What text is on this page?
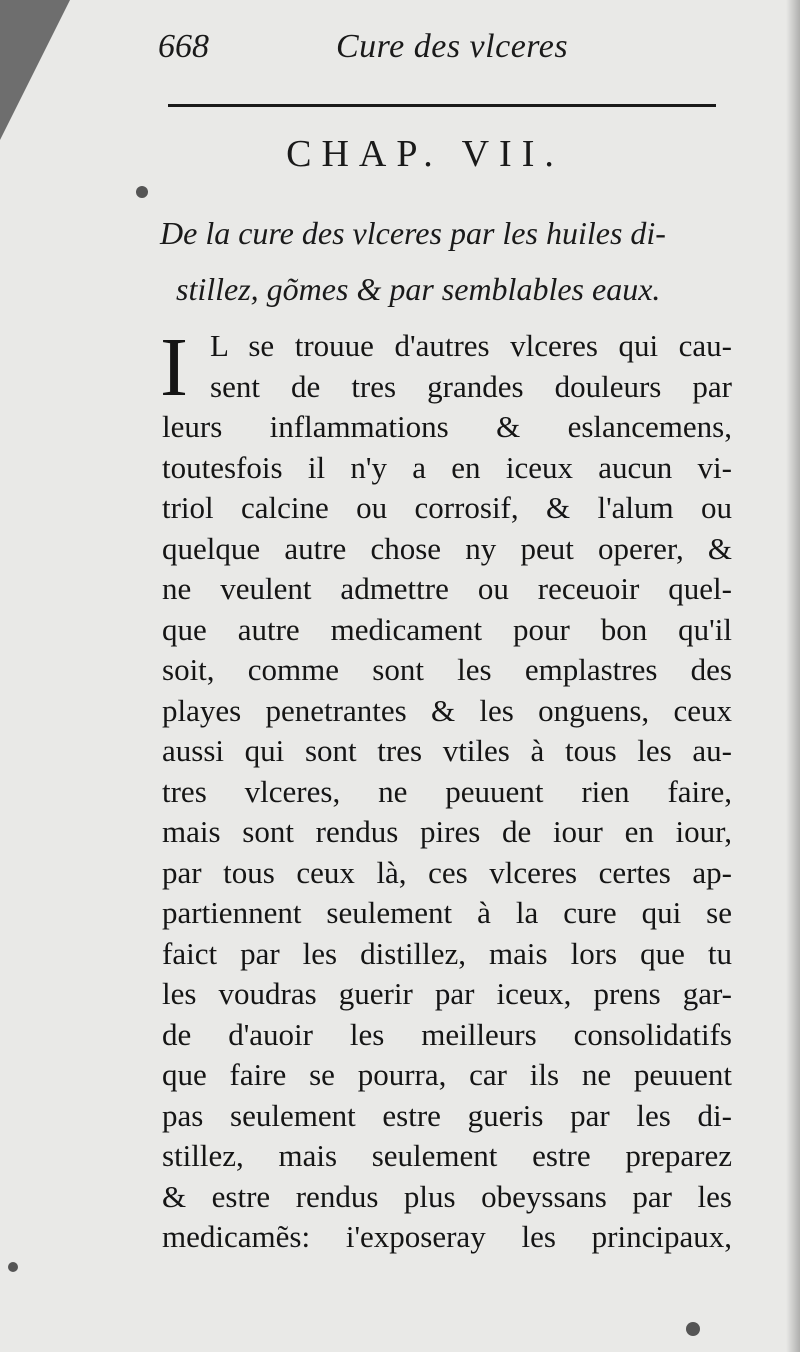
668	Cure des vlceres
CHAP. VII.
De la cure des vlceres par les huiles di-
stillez, gõmes & par semblables eaux.
I L se trouue d'autres vlceres qui cau-
sent de tres grandes douleurs par
leurs inflammations & eslancemens,
toutesfois il n'y a en iceux aucun vi-
triol calcine ou corrosif, & l'alum ou
quelque autre chose ny peut operer, &
ne veulent admettre ou receuoir quel-
que autre medicament pour bon qu'il
soit, comme sont les emplastres des
playes penetrantes & les onguens, ceux
aussi qui sont tres vtiles à tous les au-
tres vlceres, ne peuuent rien faire,
mais sont rendus pires de iour en iour,
par tous ceux là, ces vlceres certes ap-
partiennent seulement à la cure qui se
faict par les distillez, mais lors que tu
les voudras guerir par iceux, prens gar-
de d'auoir les meilleurs consolidatifs
que faire se pourra, car ils ne peuuent
pas seulement estre gueris par les di-
stillez, mais seulement estre preparez
& estre rendus plus obeyssans par les
medicamẽs: i'exposeray les principaux,
